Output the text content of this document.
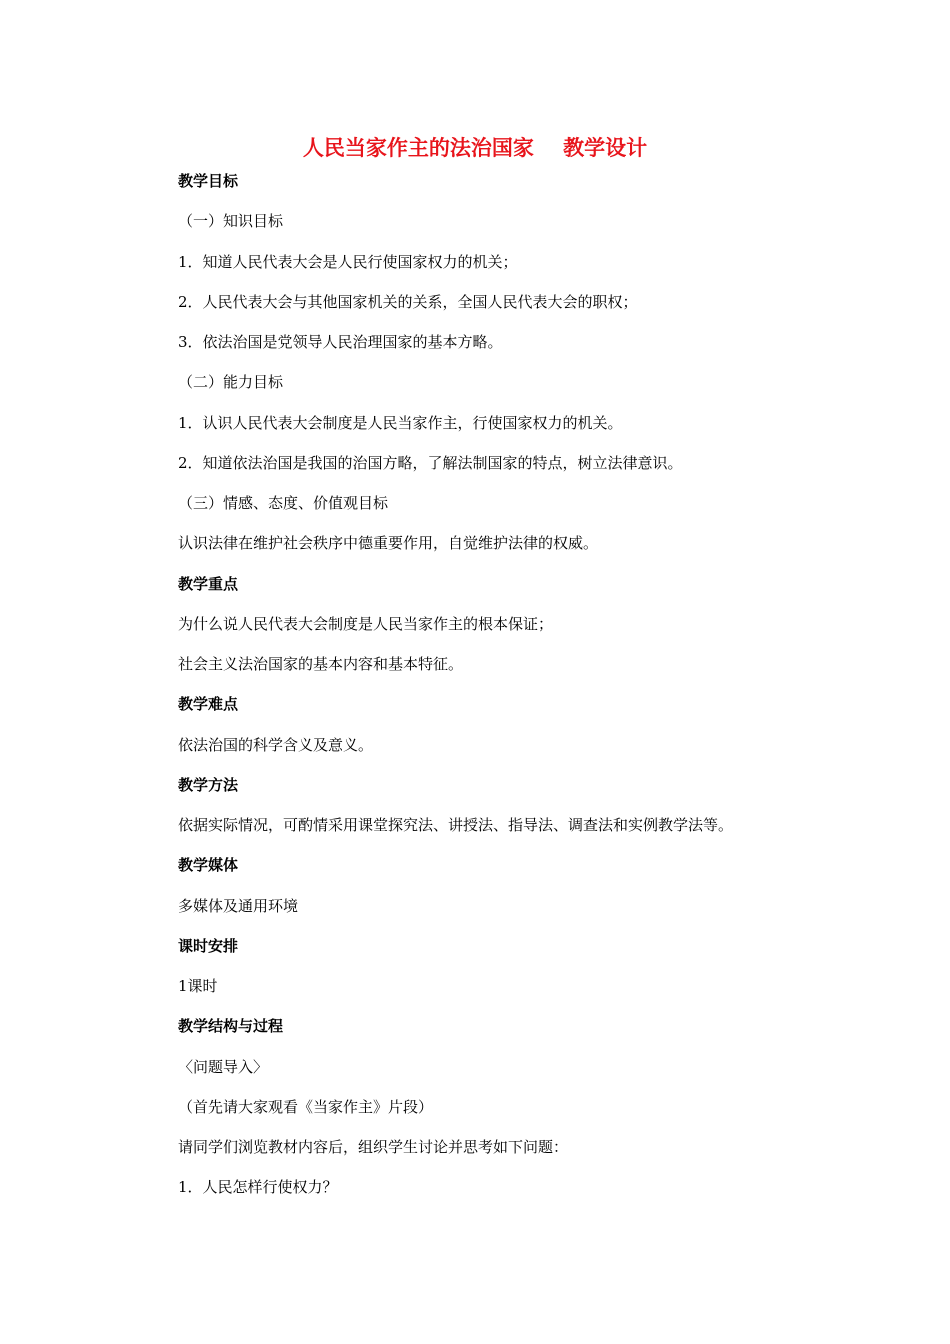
人民当家作主的法治国家    教学设计
教学目标
（一）知识目标
1．知道人民代表大会是人民行使国家权力的机关；
2．人民代表大会与其他国家机关的关系，全国人民代表大会的职权；
3．依法治国是党领导人民治理国家的基本方略。
（二）能力目标
1．认识人民代表大会制度是人民当家作主，行使国家权力的机关。
2．知道依法治国是我国的治国方略，了解法制国家的特点，树立法律意识。
（三）情感、态度、价值观目标
认识法律在维护社会秩序中德重要作用，自觉维护法律的权威。
教学重点
为什么说人民代表大会制度是人民当家作主的根本保证；
社会主义法治国家的基本内容和基本特征。
教学难点
依法治国的科学含义及意义。
教学方法
依据实际情况，可酌情采用课堂探究法、讲授法、指导法、调查法和实例教学法等。
教学媒体
多媒体及通用环境
课时安排
1课时
教学结构与过程
〈问题导入〉
（首先请大家观看《当家作主》片段）
请同学们浏览教材内容后，组织学生讨论并思考如下问题：
1．人民怎样行使权力？
